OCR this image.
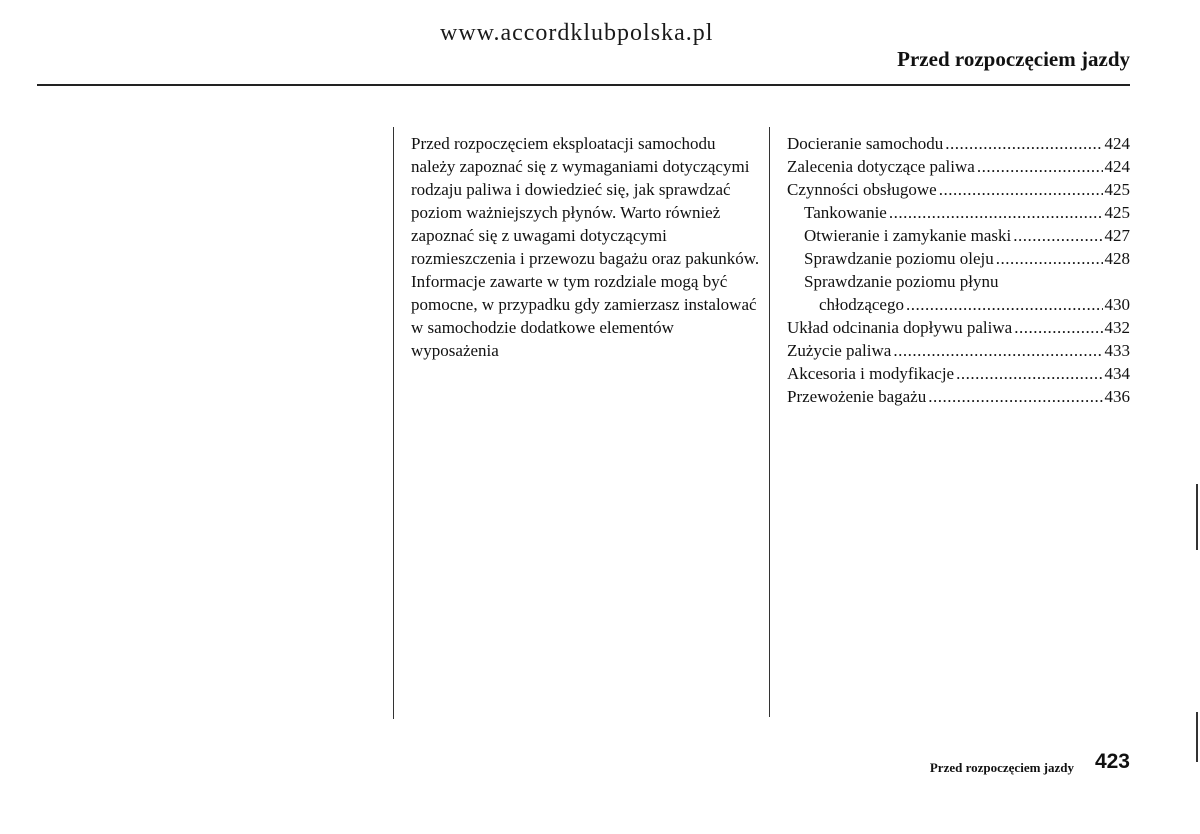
www.accordklubpolska.pl
Przed rozpoczęciem jazdy

Przed rozpoczęciem eksploatacji samochodu należy zapoznać się z wymaganiami dotyczącymi rodzaju paliwa i dowiedzieć się, jak sprawdzać poziom ważniejszych płynów. Warto również zapoznać się z uwagami dotyczącymi rozmieszczenia i przewozu bagażu oraz pakunków. Informacje zawarte w tym rozdziale mogą być pomocne, w przypadku gdy zamierzasz instalować w samochodzie dodatkowe elementów wyposażenia

Docieranie samochodu .....	424
Zalecenia dotyczące paliwa .....	424
Czynności obsługowe .....	425
Tankowanie .....	425
Otwieranie i zamykanie maski .....	427
Sprawdzanie poziomu oleju .....	428
Sprawdzanie poziomu płynu
chłodzącego .....	430
Układ odcinania dopływu paliwa .....	432
Zużycie paliwa .....	433
Akcesoria i modyfikacje .....	434
Przewożenie bagażu .....	436
Przed rozpoczęciem jazdy 423
